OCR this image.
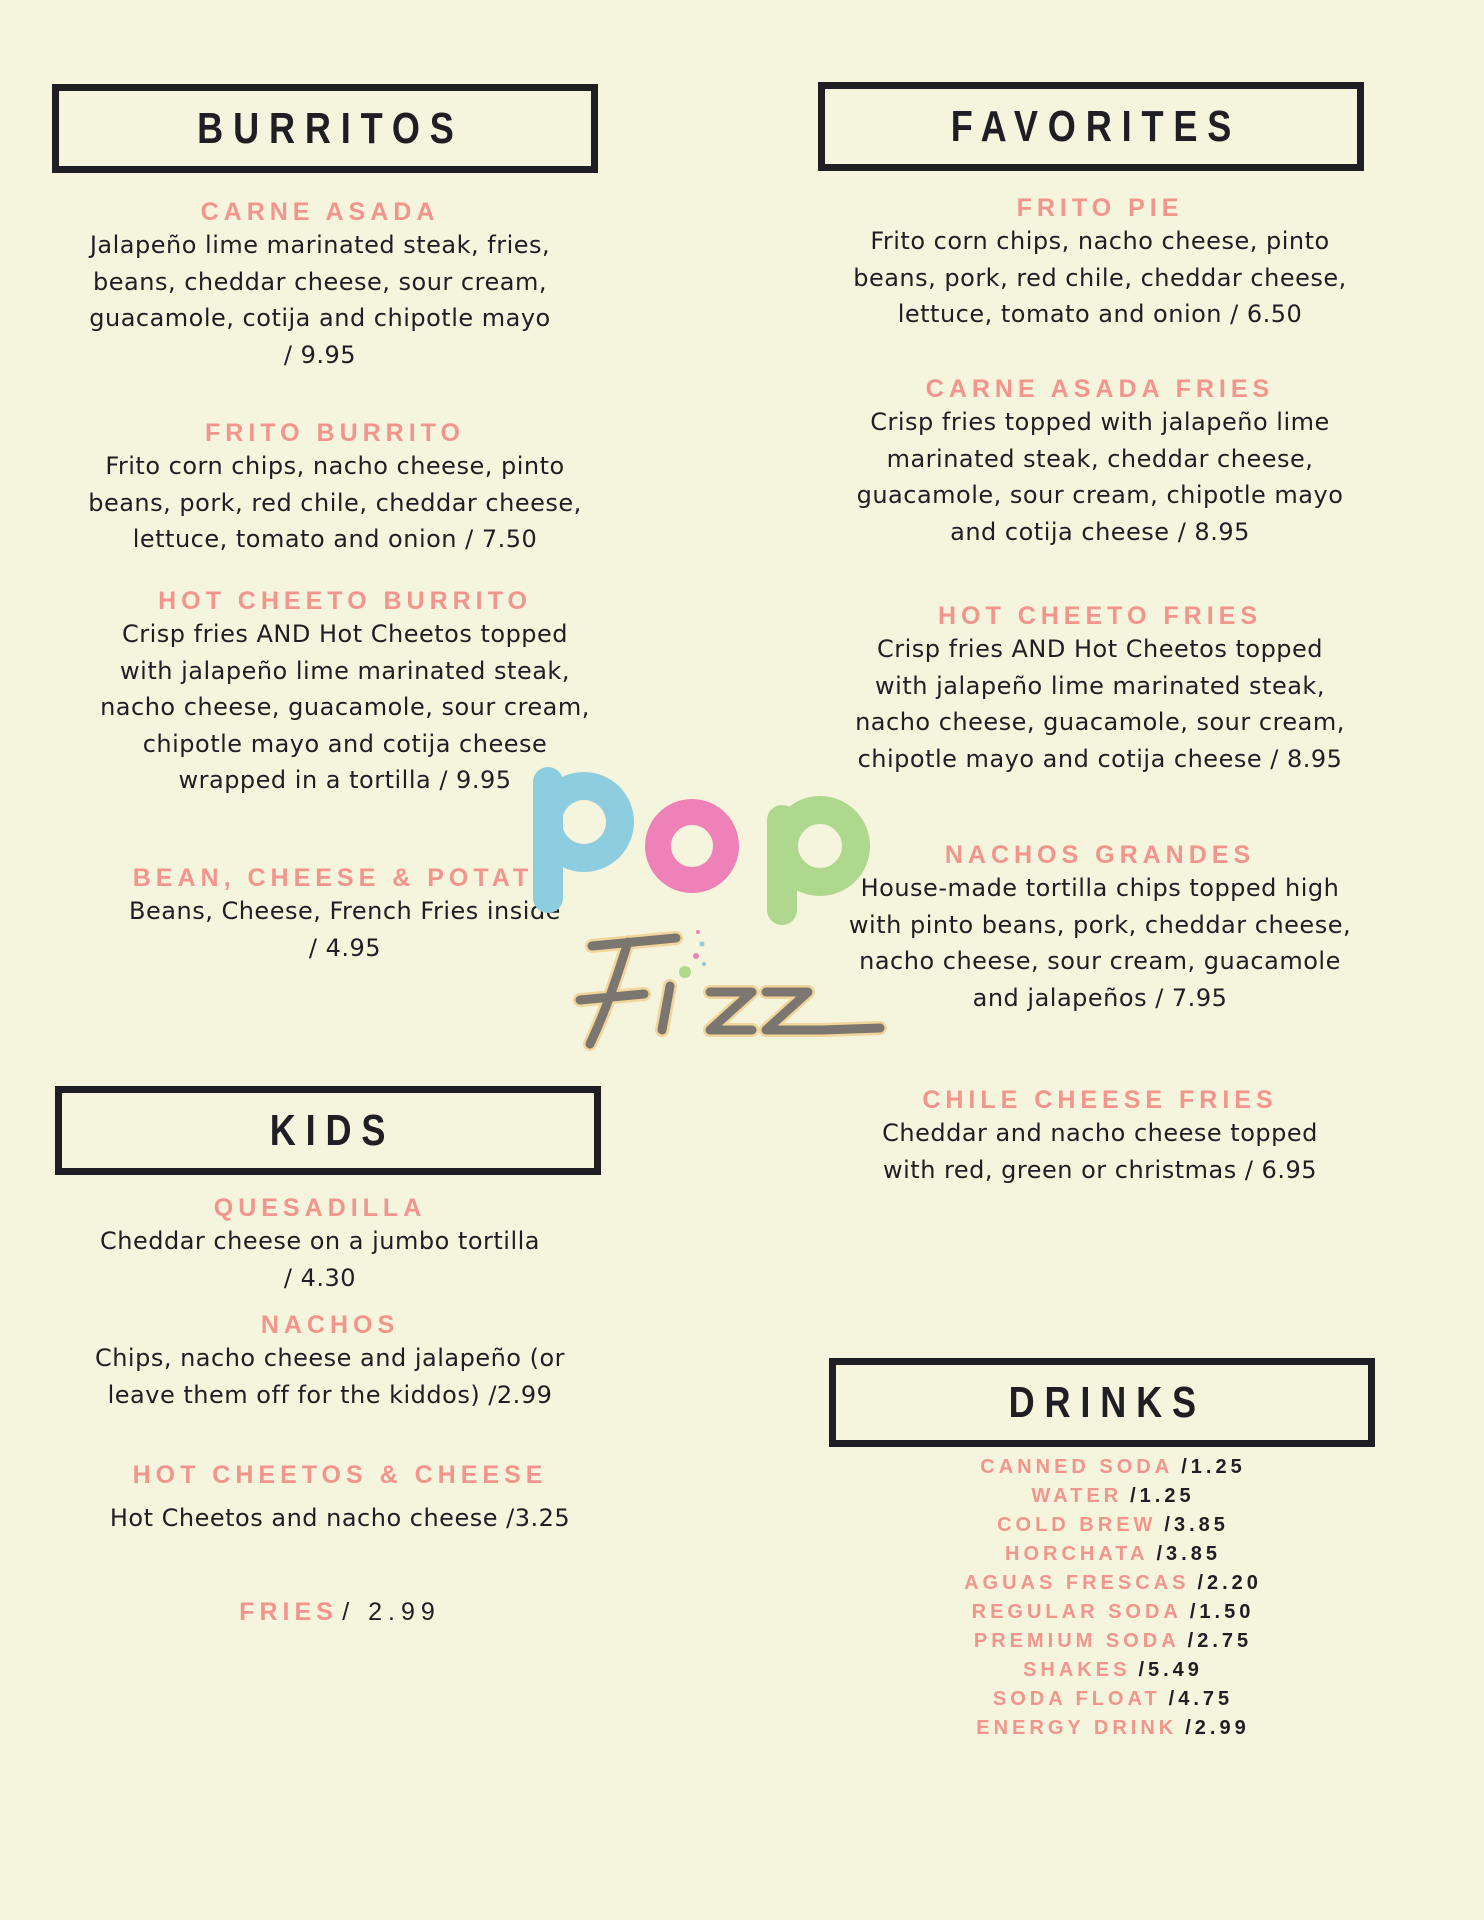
BURRITOS	FAVORITES
KIDS
DRINKS
CARNE ASADA
Jalapeño lime marinated steak, fries,
beans, cheddar cheese, sour cream,
guacamole, cotija and chipotle mayo
/ 9.95
FRITO BURRITO
Frito corn chips, nacho cheese, pinto
beans, pork, red chile, cheddar cheese,
lettuce, tomato and onion / 7.50
HOT CHEETO BURRITO
Crisp fries AND Hot Cheetos topped
with jalapeño lime marinated steak,
nacho cheese, guacamole, sour cream,
chipotle mayo and cotija cheese
wrapped in a tortilla / 9.95
BEAN, CHEESE & POTATO
Beans, Cheese, French Fries inside
/ 4.95
FRITO PIE
Frito corn chips, nacho cheese, pinto
beans, pork, red chile, cheddar cheese,
lettuce, tomato and onion / 6.50
CARNE ASADA FRIES
Crisp fries topped with jalapeño lime
marinated steak, cheddar cheese,
guacamole, sour cream, chipotle mayo
and cotija cheese / 8.95
HOT CHEETO FRIES
Crisp fries AND Hot Cheetos topped
with jalapeño lime marinated steak,
nacho cheese, guacamole, sour cream,
chipotle mayo and cotija cheese / 8.95
NACHOS GRANDES
House-made tortilla chips topped high
with pinto beans, pork, cheddar cheese,
nacho cheese, sour cream, guacamole
and jalapeños / 7.95
CHILE CHEESE FRIES
Cheddar and nacho cheese topped
with red, green or christmas / 6.95
QUESADILLA
Cheddar cheese on a jumbo tortilla
/ 4.30
NACHOS
Chips, nacho cheese and jalapeño (or
leave them off for the kiddos) /2.99
HOT CHEETOS & CHEESE
Hot Cheetos and nacho cheese /3.25
FRIES / 2.99
CANNED SODA /1.25
WATER /1.25
COLD BREW /3.85
HORCHATA /3.85
AGUAS FRESCAS /2.20
REGULAR SODA /1.50
PREMIUM SODA /2.75
SHAKES /5.49
SODA FLOAT /4.75
ENERGY DRINK /2.99
